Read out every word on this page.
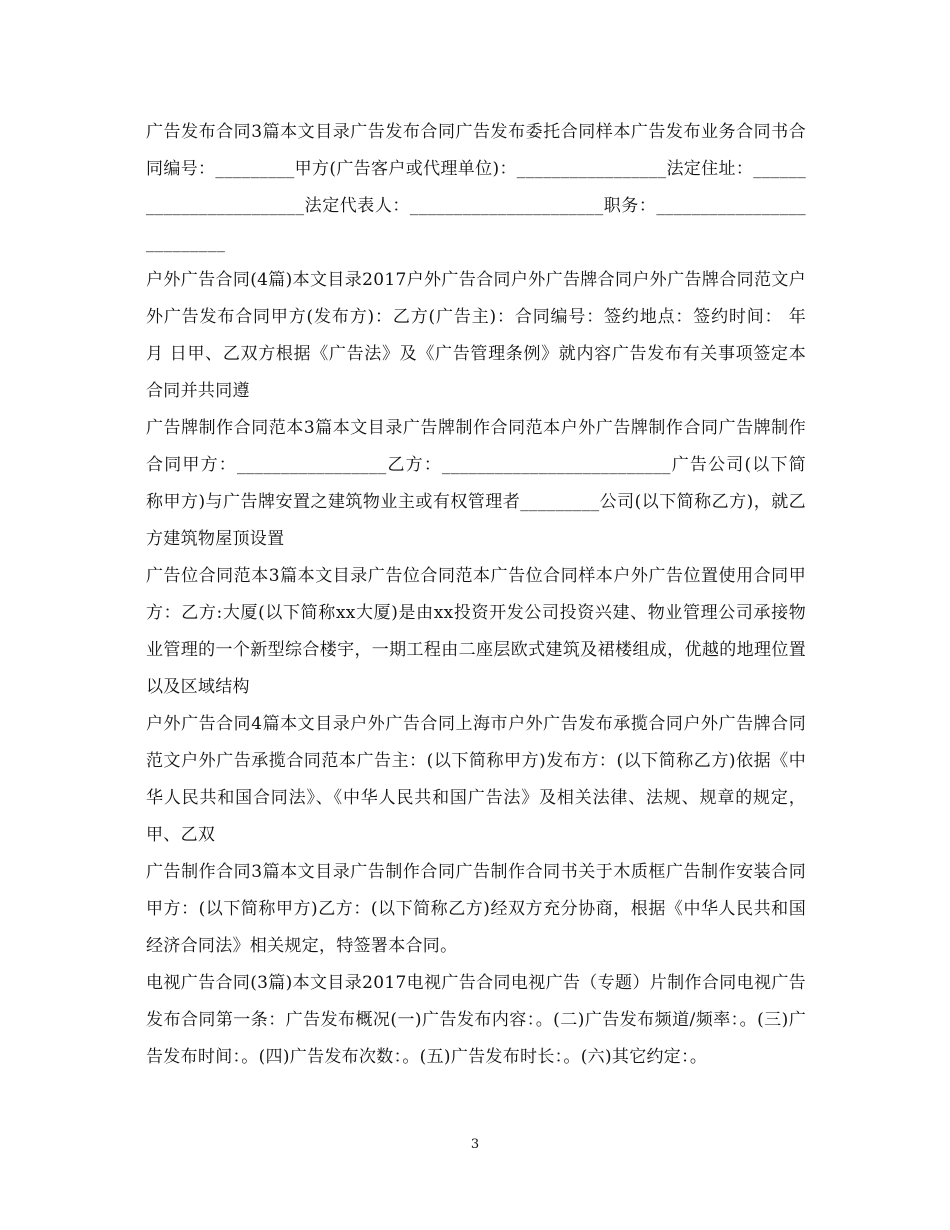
广告发布合同3篇本文目录广告发布合同广告发布委托合同样本广告发布业务合同书合同编号：_________甲方(广告客户或代理单位)：_________________法定住址：________________________法定代表人：______________________职务：__________________________

户外广告合同(4篇)本文目录2017户外广告合同户外广告牌合同户外广告牌合同范文户外广告发布合同甲方(发布方)：乙方(广告主)：合同编号：签约地点：签约时间： 年 月 日甲、乙双方根据《广告法》及《广告管理条例》就内容广告发布有关事项签定本合同并共同遵

广告牌制作合同范本3篇本文目录广告牌制作合同范本户外广告牌制作合同广告牌制作合同甲方：_________________乙方：__________________________广告公司(以下简称甲方)与广告牌安置之建筑物业主或有权管理者_________公司(以下简称乙方)，就乙方建筑物屋顶设置

广告位合同范本3篇本文目录广告位合同范本广告位合同样本户外广告位置使用合同甲方：乙方:大厦(以下简称xx大厦)是由xx投资开发公司投资兴建、物业管理公司承接物业管理的一个新型综合楼宇，一期工程由二座层欧式建筑及裙楼组成，优越的地理位置以及区域结构

户外广告合同4篇本文目录户外广告合同上海市户外广告发布承揽合同户外广告牌合同范文户外广告承揽合同范本广告主：(以下简称甲方)发布方：(以下简称乙方)依据《中华人民共和国合同法》、《中华人民共和国广告法》及相关法律、法规、规章的规定，甲、乙双

广告制作合同3篇本文目录广告制作合同广告制作合同书关于木质框广告制作安装合同甲方：(以下简称甲方)乙方：(以下简称乙方)经双方充分协商，根据《中华人民共和国经济合同法》相关规定，特签署本合同。

电视广告合同(3篇)本文目录2017电视广告合同电视广告（专题）片制作合同电视广告发布合同第一条：广告发布概况(一)广告发布内容：。(二)广告发布频道/频率：。(三)广告发布时间：。(四)广告发布次数：。(五)广告发布时长：。(六)其它约定：。

3
